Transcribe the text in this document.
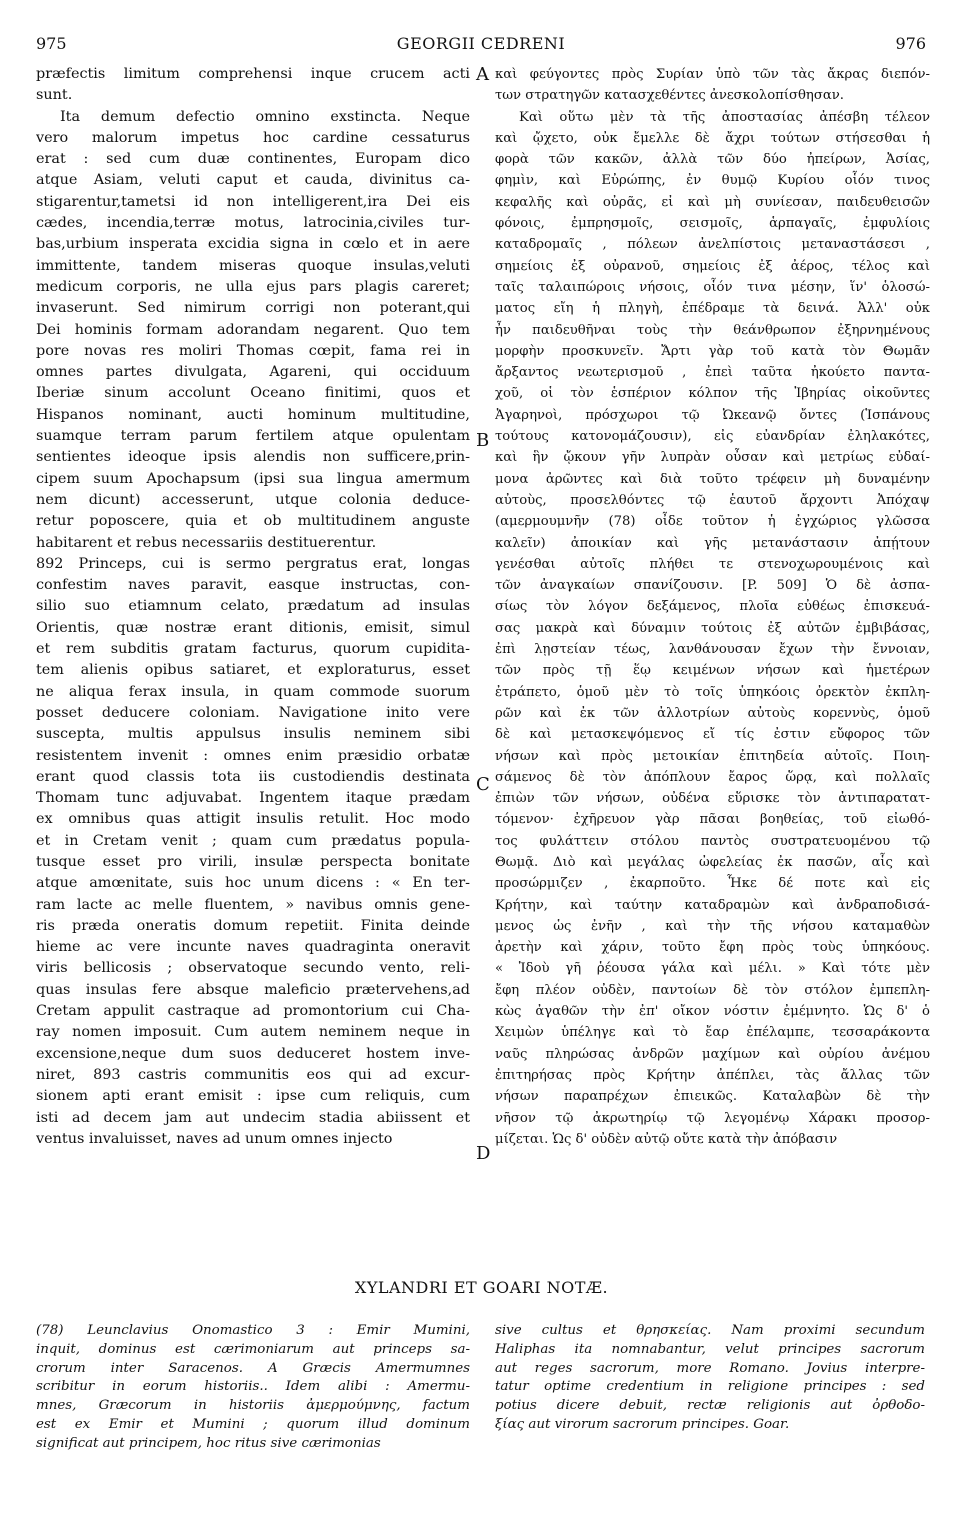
975	GEORGII CEDRENI	976
præfectis limitum comprehensi inque crucem acti
sunt.
Ita demum defectio omnino exstincta. Neque
vero malorum impetus hoc cardine cessaturus
erat : sed cum duæ continentes, Europam dico
atque Asiam, veluti caput et cauda, divinitus ca-
stigarentur,tametsi id non intelligerent,ira Dei eis
cædes, incendia,terræ motus, latrocinia,civiles tur-
bas,urbium insperata excidia signa in cœlo et in aere
immittente, tandem miseras quoque insulas,veluti
medicum corporis, ne ulla ejus pars plagis careret;
invaserunt. Sed nimirum corrigi non poterant,qui
Dei hominis formam adorandam negarent. Quo tem
pore novas res moliri Thomas cœpit, fama rei in
omnes partes divulgata, Agareni, qui occiduum
Iberiæ sinum accolunt Oceano finitimi, quos et
Hispanos nominant, aucti hominum multitudine,
suamque terram parum fertilem atque opulentam
sentientes ideoque ipsis alendis non sufficere,prin-
cipem suum Apochapsum (ipsi sua lingua amermum
nem dicunt) accesserunt, utque colonia deduce-
retur poposcere, quia et ob multitudinem anguste
habitarent et rebus necessariis destituerentur.
892 Princeps, cui is sermo pergratus erat, longas
confestim naves paravit, easque instructas, con-
silio suo etiamnum celato, prædatum ad insulas
Orientis, quæ nostræ erant ditionis, emisit, simul
et rem subditis gratam facturus, quorum cupidita-
tem alienis opibus satiaret, et exploraturus, esset
ne aliqua ferax insula, in quam commode suorum
posset deducere coloniam. Navigatione inito vere
suscepta, multis appulsus insulis neminem sibi
resistentem invenit : omnes enim præsidio orbatæ
erant quod classis tota iis custodiendis destinata
Thomam tunc adjuvabat. Ingentem itaque prædam
ex omnibus quas attigit insulis retulit. Hoc modo
et in Cretam venit ; quam cum prædatus popula-
tusque esset pro virili, insulæ perspecta bonitate
atque amœnitate, suis hoc unum dicens : « En ter-
ram lacte ac melle fluentem, » navibus omnis gene-
ris præda oneratis domum repetiit. Finita deinde
hieme ac vere incunte naves quadraginta oneravit
viris bellicosis ; observatoque secundo vento, reli-
quas insulas fere absque maleficio prætervehens,ad
Cretam appulit castraque ad promontorium cui Cha-
ray nomen imposuit. Cum autem neminem neque in
excensione,neque dum suos deduceret hostem inve-
niret, 893 castris communitis eos qui ad excur-
sionem apti erant emisit : ipse cum reliquis, cum
isti ad decem jam aut undecim stadia abiissent et
ventus invaluisset, naves ad unum omnes injecto
καὶ φεύγοντες πρὸς Συρίαν ὑπὸ τῶν τὰς ἄκρας διεπόν-
των στρατηγῶν κατασχεθέντες ἀνεσκολοπίσθησαν.
Καὶ οὕτω μὲν τὰ τῆς ἀποστασίας ἀπέσβη τέλεον
καὶ ᾤχετο, οὐκ ἔμελλε δὲ ἄχρι τούτων στήσεσθαι ἡ
φορὰ τῶν κακῶν, ἀλλὰ τῶν δύο ἠπείρων, Ἀσίας,
φημὶν, καὶ Εὐρώπης, ἐν θυμῷ Κυρίου οἷόν τινος
κεφαλῆς καὶ οὐρᾶς, εἰ καὶ μὴ συνίεσαν, παιδευθεισῶν
φόνοις, ἐμπρησμοῖς, σεισμοῖς, ἁρπαγαῖς, ἐμφυλίοις
καταδρομαῖς , πόλεων ἀνελπίστοις μεταναστάσεσι ,
σημείοις ἐξ οὐρανοῦ, σημείοις ἐξ ἀέρος, τέλος καὶ
ταῖς ταλαιπώροις νήσοις, οἷόν τινα μέσην, ἵν' ὁλοσώ-
ματος εἴη ἡ πληγὴ, ἐπέδραμε τὰ δεινά. Ἀλλ' οὐκ
ἦν παιδευθῆναι τοὺς τὴν θεάνθρωπον ἐξηρνημένους
μορφὴν προσκυνεῖν. Ἄρτι γὰρ τοῦ κατὰ τὸν Θωμᾶν
ἄρξαντος νεωτερισμοῦ , ἐπεὶ ταῦτα ἠκούετο παντα-
χοῦ, οἱ τὸν ἑσπέριον κόλπον τῆς Ἰβηρίας οἰκοῦντες
Ἀγαρηνοὶ, πρόσχωροι τῷ Ὠκεανῷ ὄντες (Ἱσπάνους
τούτους κατονομάζουσιν), εἰς εὐανδρίαν ἐληλακότες,
καὶ ἣν ᾤκουν γῆν λυπρὰν οὖσαν καὶ μετρίως εὐδαί-
μονα ἀρῶντες καὶ διὰ τοῦτο τρέφειν μὴ δυναμένην
αὐτοὺς, προσελθόντες τῷ ἑαυτοῦ ἄρχοντι Ἀπόχαψ
(αμερμουμνῆν (78) οἶδε τοῦτον ἡ ἐγχώριος γλῶσσα
καλεῖν) ἀποικίαν καὶ γῆς μετανάστασιν ἀπῄτουν
γενέσθαι αὐτοῖς πλήθει τε στενοχωρουμένοις καὶ
τῶν ἀναγκαίων σπανίζουσιν. [P. 509] Ὁ δὲ ἀσπα-
σίως τὸν λόγον δεξάμενος, πλοῖα εὐθέως ἐπισκευά-
σας μακρὰ καὶ δύναμιν τούτοις ἐξ αὐτῶν ἐμβιβάσας,
ἐπὶ λῃστείαν τέως, λανθάνουσαν ἔχων τὴν ἔννοιαν,
τῶν πρὸς τῇ ἕῳ κειμένων νήσων καὶ ἡμετέρων
ἐτράπετο, ὁμοῦ μὲν τὸ τοῖς ὑπηκόοις ὀρεκτὸν ἐκπλη-
ρῶν καὶ ἐκ τῶν ἀλλοτρίων αὐτοὺς κορεννὺς, ὁμοῦ
δὲ καὶ μετασκεψόμενος εἴ τίς ἐστιν εὔφορος τῶν
νήσων καὶ πρὸς μετοικίαν ἐπιτηδεία αὐτοῖς. Ποιη-
σάμενος δὲ τὸν ἀπόπλουν ἔαρος ὥρᾳ, καὶ πολλαῖς
ἐπιὼν τῶν νήσων, οὐδένα εὕρισκε τὸν ἀντιπαρατατ-
τόμενον· ἐχῆρευον γὰρ πᾶσαι βοηθείας, τοῦ εἰωθό-
τος φυλάττειν στόλου παντὸς συστρατευομένου τῷ
Θωμᾷ. Διὸ καὶ μεγάλας ὠφελείας ἐκ πασῶν, αἷς καὶ
προσώρμιζεν , ἐκαρποῦτο. Ἧκε δέ ποτε καὶ εἰς
Κρήτην, καὶ ταύτην καταδραμὼν καὶ ἀνδραποδισά-
μενος ὡς ἐνῆν , καὶ τὴν τῆς νήσου καταμαθὼν
ἀρετὴν καὶ χάριν, τοῦτο ἔφη πρὸς τοὺς ὑπηκόους.
« Ἰδοὺ γῆ ῥέουσα γάλα καὶ μέλι. » Καὶ τότε μὲν
ἔφη πλέον οὐδὲν, παντοίων δὲ τὸν στόλον ἐμπεπλη-
κὼς ἀγαθῶν τὴν ἐπ' οἴκον νόστιν ἐμέμνητο. Ὡς δ' ὁ
Χειμὼν ὑπέληγε καὶ τὸ ἔαρ ἐπέλαμπε, τεσσαράκοντα
ναῦς πληρώσας ἀνδρῶν μαχίμων καὶ οὐρίου ἀνέμου
ἐπιτηρήσας πρὸς Κρήτην ἀπέπλει, τὰς ἄλλας τῶν
νήσων παραπρέχων ἐπιεικῶς. Καταλαβὼν δὲ τὴν
νῆσον τῷ ἀκρωτηρίῳ τῷ λεγομένῳ Χάρακι προσορ-
μίζεται. Ὡς δ' οὐδὲν αὐτῷ οὔτε κατὰ τὴν ἀπόβασιν
A
B
C
D
XYLANDRI ET GOARI NOTÆ.
(78) Leunclavius Onomastico 3 : Emir Mumini,
inquit, dominus est cærimoniarum aut princeps sa-
crorum inter Saracenos. A Græcis Amermumnes
scribitur in eorum historiis.. Idem alibi : Amermu-
mnes, Græcorum in historiis ἀμερμούμνης, factum
est ex Emir et Mumini ; quorum illud dominum
significat aut principem, hoc ritus sive cærimonias
sive cultus et θρησκείας. Nam proximi secundum
Haliphas ita nomnabantur, velut principes sacrorum
aut reges sacrorum, more Romano. Jovius interpre-
tatur optime credentium in religione principes : sed
potius dicere debuit, rectæ religionis aut ὀρθοδο-
ξίας aut virorum sacrorum principes. Goar.
